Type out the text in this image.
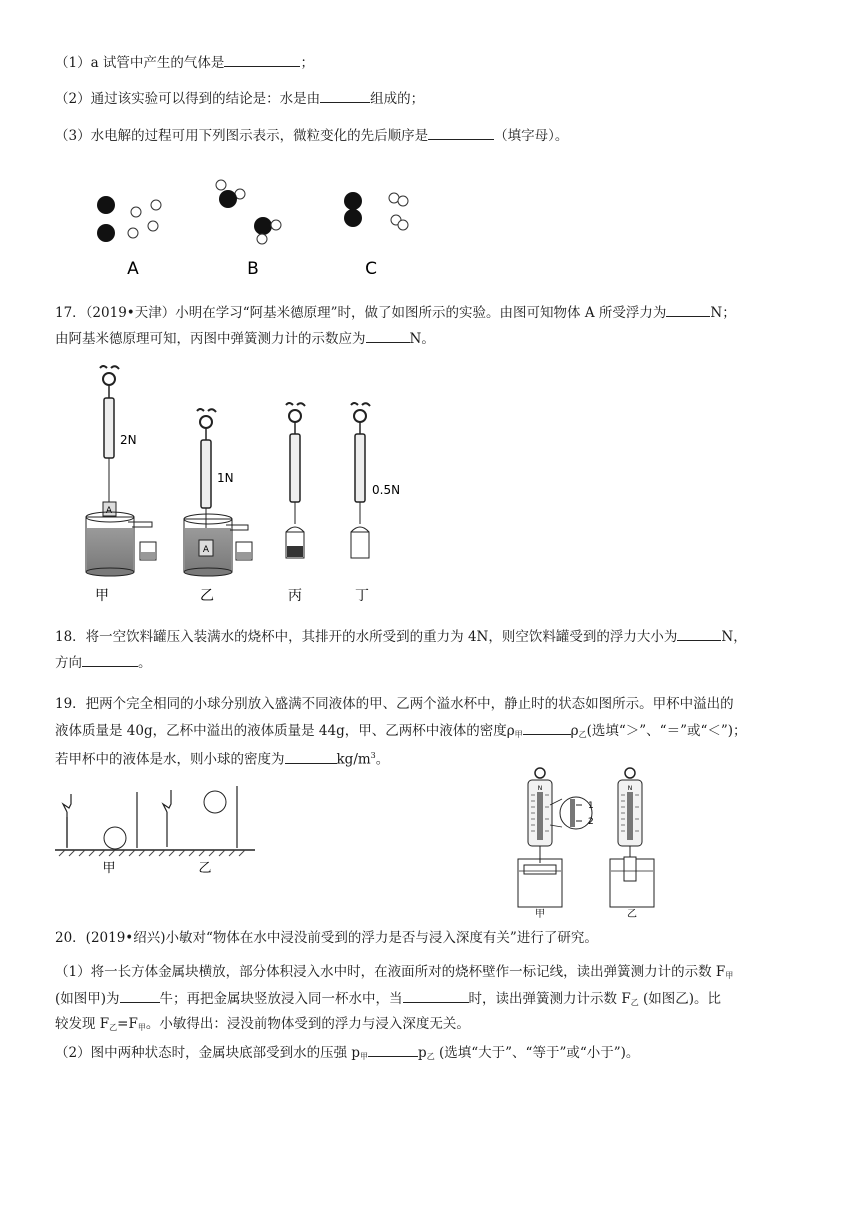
（1）a 试管中产生的气体是	；
（2）通过该实验可以得到的结论是：水是由	组成的；
（3）水电解的过程可用下列图示表示，微粒变化的先后顺序是	（填字母）。
A	B	C
17．（2019•天津）小明在学习“阿基米德原理”时，做了如图所示的实验。由图可知物体 A 所受浮力为	N；
由阿基米德原理可知，丙图中弹簧测力计的示数应为	N。
A
2N
1N
A
0.5N
甲	乙	丙	丁
18．将一空饮料罐压入装满水的烧杯中，其排开的水所受到的重力为 4N，则空饮料罐受到的浮力大小为	N，
方向	。
19．把两个完全相同的小球分别放入盛满不同液体的甲、乙两个溢水杯中，静止时的状态如图所示。甲杯中溢出的
液体质量是 40g，乙杯中溢出的液体质量是 44g，甲、乙两杯中液体的密度$\rho_甲$	$\rho_乙$(选填“＞”、“＝”或“＜”)；
若甲杯中的液体是水，则小球的密度为	$kg/m^3$。
甲	乙
N
1
2
N
甲	乙
20．(2019•绍兴)小敏对“物体在水中浸没前受到的浮力是否与浸入深度有关”进行了研究。
（1）将一长方体金属块横放，部分体积浸入水中时，在液面所对的烧杯壁作一标记线，读出弹簧测力计的示数 $F_甲$
(如图甲)为	牛；再把金属块竖放浸入同一杯水中，当	时，读出弹簧测力计示数 $F_乙$ (如图乙)。比
较发现 $F_乙=F_甲$。小敏得出：浸没前物体受到的浮力与浸入深度无关。
（2）图中两种状态时，金属块底部受到水的压强 $p_甲$	$p_乙$ (选填“大于”、“等于”或“小于”)。
